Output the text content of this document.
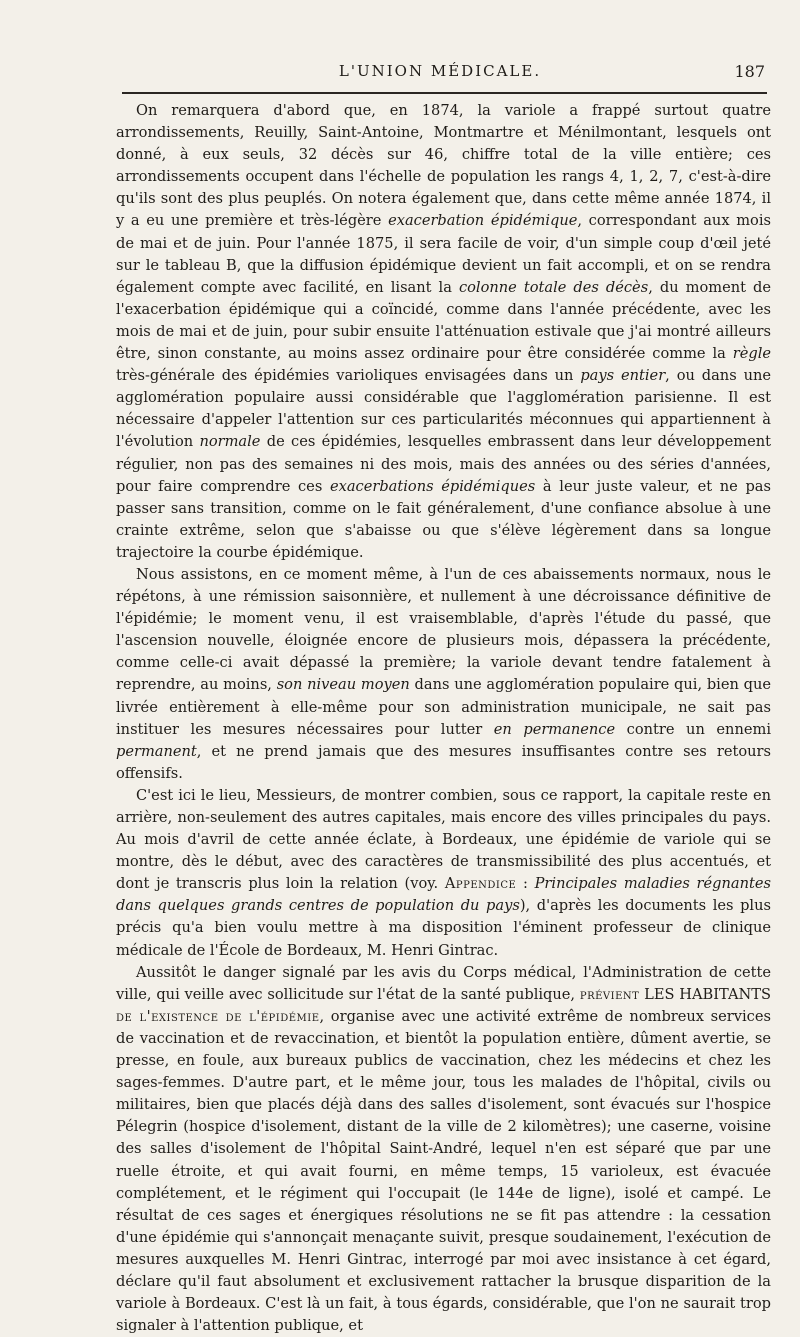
L'UNION MÉDICALE.	187

On remarquera d'abord que, en 1874, la variole a frappé surtout quatre arrondissements, Reuilly, Saint-Antoine, Montmartre et Ménilmontant, lesquels ont donné, à eux seuls, 32 décès sur 46, chiffre total de la ville entière; ces arrondissements occupent dans l'échelle de population les rangs 4, 1, 2, 7, c'est-à-dire qu'ils sont des plus peuplés. On notera également que, dans cette même année 1874, il y a eu une première et très-légère exacerbation épidémique, correspondant aux mois de mai et de juin. Pour l'année 1875, il sera facile de voir, d'un simple coup d'œil jeté sur le tableau B, que la diffusion épidémique devient un fait accompli, et on se rendra également compte avec facilité, en lisant la colonne totale des décès, du moment de l'exacerbation épidémique qui a coïncidé, comme dans l'année précédente, avec les mois de mai et de juin, pour subir ensuite l'atténuation estivale que j'ai montré ailleurs être, sinon constante, au moins assez ordinaire pour être considérée comme la règle très-générale des épidémies varioliques envisagées dans un pays entier, ou dans une agglomération populaire aussi considérable que l'agglomération parisienne. Il est nécessaire d'appeler l'attention sur ces particularités méconnues qui appartiennent à l'évolution normale de ces épidémies, lesquelles embrassent dans leur développement régulier, non pas des semaines ni des mois, mais des années ou des séries d'années, pour faire comprendre ces exacerbations épidémiques à leur juste valeur, et ne pas passer sans transition, comme on le fait généralement, d'une confiance absolue à une crainte extrême, selon que s'abaisse ou que s'élève légèrement dans sa longue trajectoire la courbe épidémique.

Nous assistons, en ce moment même, à l'un de ces abaissements normaux, nous le répétons, à une rémission saisonnière, et nullement à une décroissance définitive de l'épidémie; le moment venu, il est vraisemblable, d'après l'étude du passé, que l'ascension nouvelle, éloignée encore de plusieurs mois, dépassera la précédente, comme celle-ci avait dépassé la première; la variole devant tendre fatalement à reprendre, au moins, son niveau moyen dans une agglomération populaire qui, bien que livrée entièrement à elle-même pour son administration municipale, ne sait pas instituer les mesures nécessaires pour lutter en permanence contre un ennemi permanent, et ne prend jamais que des mesures insuffisantes contre ses retours offensifs.

C'est ici le lieu, Messieurs, de montrer combien, sous ce rapport, la capitale reste en arrière, non-seulement des autres capitales, mais encore des villes principales du pays. Au mois d'avril de cette année éclate, à Bordeaux, une épidémie de variole qui se montre, dès le début, avec des caractères de transmissibilité des plus accentués, et dont je transcris plus loin la relation (voy. Appendice : Principales maladies régnantes dans quelques grands centres de population du pays), d'après les documents les plus précis qu'a bien voulu mettre à ma disposition l'éminent professeur de clinique médicale de l'École de Bordeaux, M. Henri Gintrac.

Aussitôt le danger signalé par les avis du Corps médical, l'Administration de cette ville, qui veille avec sollicitude sur l'état de la santé publique, prévient LES HABITANTS de l'existence de l'épidémie, organise avec une activité extrême de nombreux services de vaccination et de revaccination, et bientôt la population entière, dûment avertie, se presse, en foule, aux bureaux publics de vaccination, chez les médecins et chez les sages-femmes. D'autre part, et le même jour, tous les malades de l'hôpital, civils ou militaires, bien que placés déjà dans des salles d'isolement, sont évacués sur l'hospice Pélegrin (hospice d'isolement, distant de la ville de 2 kilomètres); une caserne, voisine des salles d'isolement de l'hôpital Saint-André, lequel n'en est séparé que par une ruelle étroite, et qui avait fourni, en même temps, 15 varioleux, est évacuée complétement, et le régiment qui l'occupait (le 144e de ligne), isolé et campé. Le résultat de ces sages et énergiques résolutions ne se fit pas attendre : la cessation d'une épidémie qui s'annonçait menaçante suivit, presque soudainement, l'exécution de mesures auxquelles M. Henri Gintrac, interrogé par moi avec insistance à cet égard, déclare qu'il faut absolument et exclusivement rattacher la brusque disparition de la variole à Bordeaux. C'est là un fait, à tous égards, considérable, que l'on ne saurait trop signaler à l'attention publique, et
